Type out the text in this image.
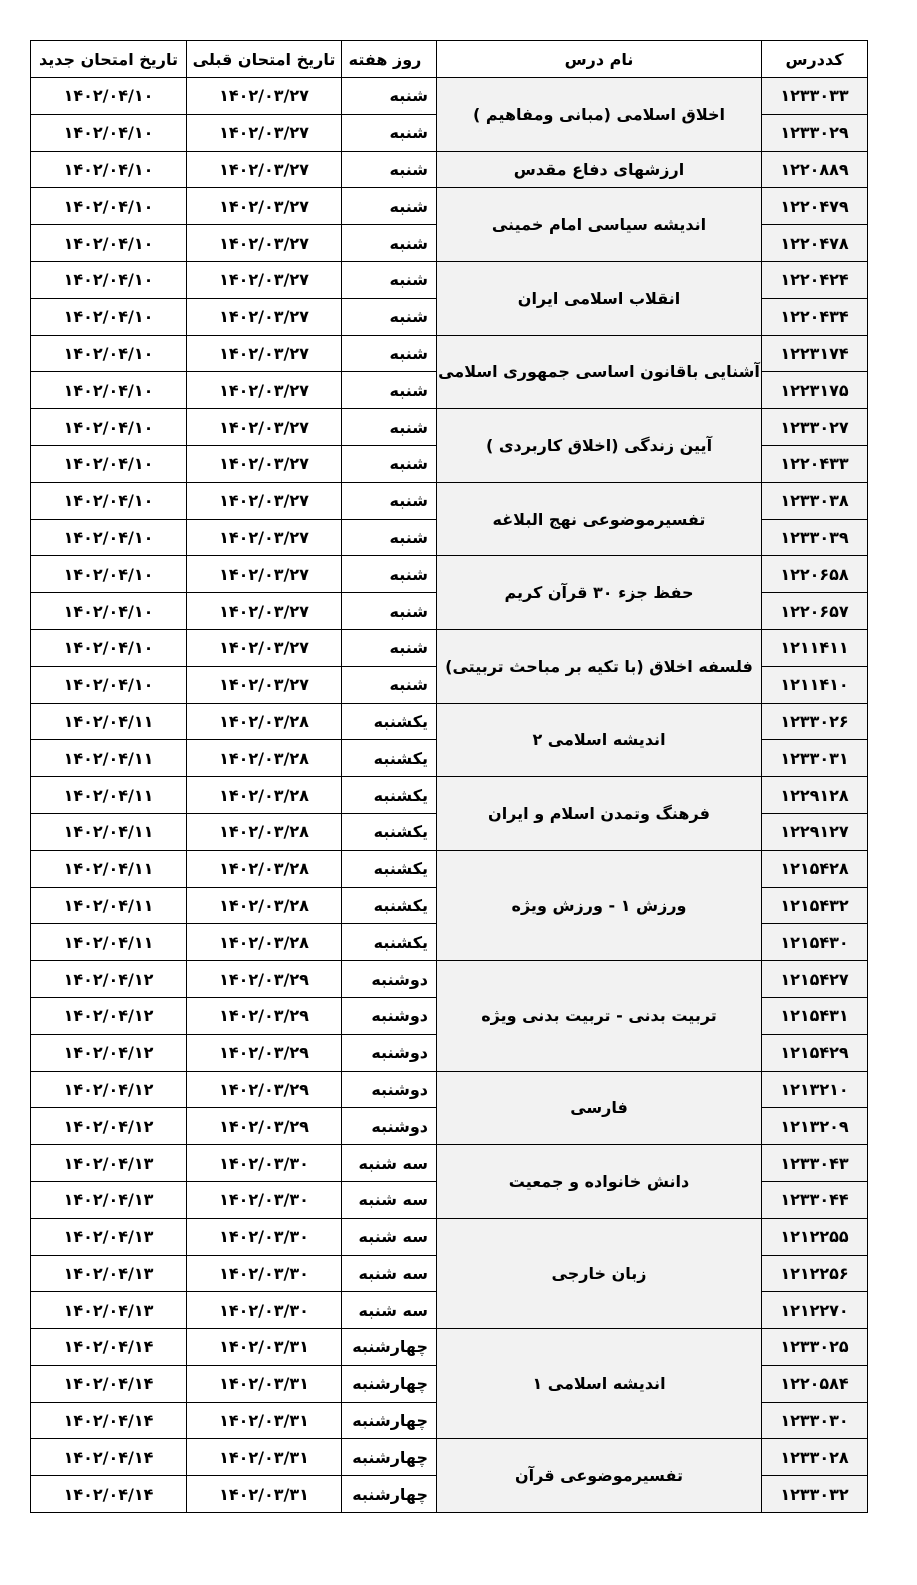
تاریخ امتحان جدید	تاریخ امتحان قبلی	روز هفته	نام درس	کددرس
۱۴۰۲/۰۴/۱۰	۱۴۰۲/۰۳/۲۷	شنبه	اخلاق اسلامی (مبانی ومفاهیم )	۱۲۳۳۰۳۳
۱۴۰۲/۰۴/۱۰	۱۴۰۲/۰۳/۲۷	شنبه		۱۲۳۳۰۲۹
۱۴۰۲/۰۴/۱۰	۱۴۰۲/۰۳/۲۷	شنبه	ارزشهای دفاع مقدس	۱۲۲۰۸۸۹
۱۴۰۲/۰۴/۱۰	۱۴۰۲/۰۳/۲۷	شنبه	اندیشه سیاسی امام خمینی	۱۲۲۰۴۷۹
۱۴۰۲/۰۴/۱۰	۱۴۰۲/۰۳/۲۷	شنبه		۱۲۲۰۴۷۸
۱۴۰۲/۰۴/۱۰	۱۴۰۲/۰۳/۲۷	شنبه	انقلاب اسلامی ایران	۱۲۲۰۴۲۴
۱۴۰۲/۰۴/۱۰	۱۴۰۲/۰۳/۲۷	شنبه		۱۲۲۰۴۳۴
۱۴۰۲/۰۴/۱۰	۱۴۰۲/۰۳/۲۷	شنبه	آشنایی باقانون اساسی جمهوری اسلامی	۱۲۲۳۱۷۴
۱۴۰۲/۰۴/۱۰	۱۴۰۲/۰۳/۲۷	شنبه		۱۲۲۳۱۷۵
۱۴۰۲/۰۴/۱۰	۱۴۰۲/۰۳/۲۷	شنبه	آیین زندگی (اخلاق کاربردی )	۱۲۳۳۰۲۷
۱۴۰۲/۰۴/۱۰	۱۴۰۲/۰۳/۲۷	شنبه		۱۲۲۰۴۳۳
۱۴۰۲/۰۴/۱۰	۱۴۰۲/۰۳/۲۷	شنبه	تفسیرموضوعی نهج البلاغه	۱۲۳۳۰۳۸
۱۴۰۲/۰۴/۱۰	۱۴۰۲/۰۳/۲۷	شنبه		۱۲۳۳۰۳۹
۱۴۰۲/۰۴/۱۰	۱۴۰۲/۰۳/۲۷	شنبه	حفظ جزء ۳۰ قرآن کریم	۱۲۲۰۶۵۸
۱۴۰۲/۰۴/۱۰	۱۴۰۲/۰۳/۲۷	شنبه		۱۲۲۰۶۵۷
۱۴۰۲/۰۴/۱۰	۱۴۰۲/۰۳/۲۷	شنبه	فلسفه اخلاق (با تکیه بر مباحث تربیتی)	۱۲۱۱۴۱۱
۱۴۰۲/۰۴/۱۰	۱۴۰۲/۰۳/۲۷	شنبه		۱۲۱۱۴۱۰
۱۴۰۲/۰۴/۱۱	۱۴۰۲/۰۳/۲۸	یکشنبه	اندیشه اسلامی ۲	۱۲۳۳۰۲۶
۱۴۰۲/۰۴/۱۱	۱۴۰۲/۰۳/۲۸	یکشنبه		۱۲۳۳۰۳۱
۱۴۰۲/۰۴/۱۱	۱۴۰۲/۰۳/۲۸	یکشنبه	فرهنگ وتمدن اسلام و ایران	۱۲۲۹۱۲۸
۱۴۰۲/۰۴/۱۱	۱۴۰۲/۰۳/۲۸	یکشنبه		۱۲۲۹۱۲۷
۱۴۰۲/۰۴/۱۱	۱۴۰۲/۰۳/۲۸	یکشنبه	ورزش ۱ - ورزش ویژه	۱۲۱۵۴۲۸
۱۴۰۲/۰۴/۱۱	۱۴۰۲/۰۳/۲۸	یکشنبه		۱۲۱۵۴۳۲
۱۴۰۲/۰۴/۱۱	۱۴۰۲/۰۳/۲۸	یکشنبه		۱۲۱۵۴۳۰
۱۴۰۲/۰۴/۱۲	۱۴۰۲/۰۳/۲۹	دوشنبه	تربیت بدنی - تربیت بدنی ویژه	۱۲۱۵۴۲۷
۱۴۰۲/۰۴/۱۲	۱۴۰۲/۰۳/۲۹	دوشنبه		۱۲۱۵۴۳۱
۱۴۰۲/۰۴/۱۲	۱۴۰۲/۰۳/۲۹	دوشنبه		۱۲۱۵۴۲۹
۱۴۰۲/۰۴/۱۲	۱۴۰۲/۰۳/۲۹	دوشنبه	فارسی	۱۲۱۳۲۱۰
۱۴۰۲/۰۴/۱۲	۱۴۰۲/۰۳/۲۹	دوشنبه		۱۲۱۳۲۰۹
۱۴۰۲/۰۴/۱۳	۱۴۰۲/۰۳/۳۰	سه شنبه	دانش خانواده و جمعیت	۱۲۳۳۰۴۳
۱۴۰۲/۰۴/۱۳	۱۴۰۲/۰۳/۳۰	سه شنبه		۱۲۳۳۰۴۴
۱۴۰۲/۰۴/۱۳	۱۴۰۲/۰۳/۳۰	سه شنبه	زبان خارجی	۱۲۱۲۲۵۵
۱۴۰۲/۰۴/۱۳	۱۴۰۲/۰۳/۳۰	سه شنبه		۱۲۱۲۲۵۶
۱۴۰۲/۰۴/۱۳	۱۴۰۲/۰۳/۳۰	سه شنبه		۱۲۱۲۲۷۰
۱۴۰۲/۰۴/۱۴	۱۴۰۲/۰۳/۳۱	چهارشنبه	اندیشه اسلامی ۱	۱۲۳۳۰۲۵
۱۴۰۲/۰۴/۱۴	۱۴۰۲/۰۳/۳۱	چهارشنبه		۱۲۲۰۵۸۴
۱۴۰۲/۰۴/۱۴	۱۴۰۲/۰۳/۳۱	چهارشنبه		۱۲۳۳۰۳۰
۱۴۰۲/۰۴/۱۴	۱۴۰۲/۰۳/۳۱	چهارشنبه	تفسیرموضوعی قرآن	۱۲۳۳۰۲۸
۱۴۰۲/۰۴/۱۴	۱۴۰۲/۰۳/۳۱	چهارشنبه		۱۲۳۳۰۳۲
